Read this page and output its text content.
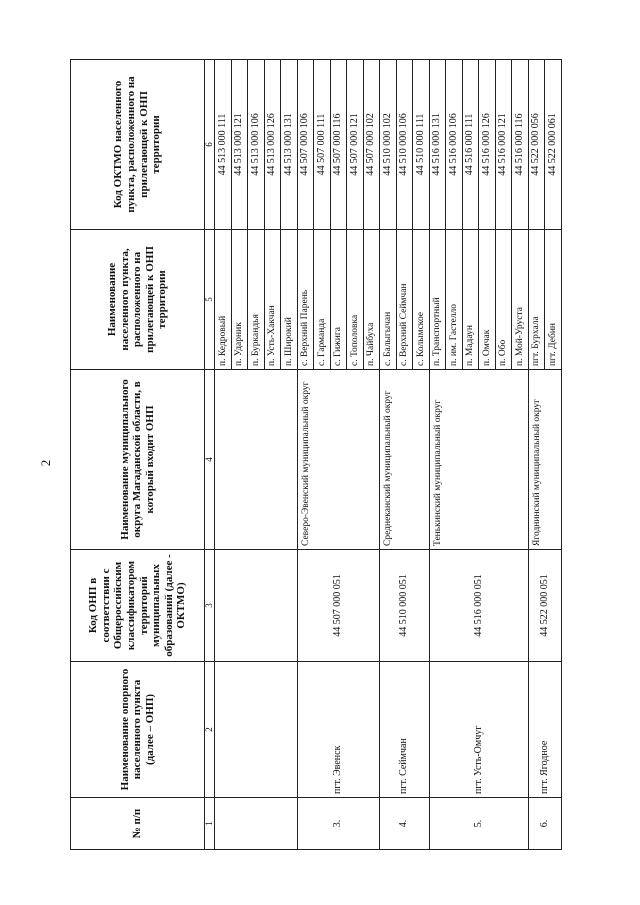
2
№ п/п	Наименование опорного населенного пункта (далее – ОНП)	Код ОНП в соответствии с Общероссийским классификатором территорий муниципальных образований (далее - ОКТМО)	Наименование муниципального округа Магаданской области, в который входит ОНП	Наименование населенного пункта, расположенного на прилегающей к ОНП территории	Код ОКТМО населенного пункта, расположенного на прилегающей к ОНП территории
1	2	3	4	5	6
				п. Кедровый	44 513 000 111
				п. Ударник	44 513 000 121
				п. Буркандья	44 513 000 106
				п. Усть-Хакчан	44 513 000 126
				п. Широкий	44 513 000 131
3.	пгт. Эвенск	44 507 000 051	Северо-Эвенский муниципальный округ	с. Верхний Парень	44 507 000 106
				с. Гарманда	44 507 000 111
				с. Гижига	44 507 000 116
				с. Тополовка	44 507 000 121
				п. Чайбуха	44 507 000 102
4.	пгт. Сеймчан	44 510 000 051	Среднеканский муниципальный округ	с. Балыгычан	44 510 000 102
				с. Верхний Сеймчан	44 510 000 106
				с. Колымское	44 510 000 111
5.	пгт. Усть-Омчуг	44 516 000 051	Тенькинский муниципальный округ	п. Транспортный	44 516 000 131
				п. им. Гастелло	44 516 000 106
				п. Мадаун	44 516 000 111
				п. Омчак	44 516 000 126
				п. Обо	44 516 000 121
				п. Мой-Уруста	44 516 000 116
6.	пгт. Ягодное	44 522 000 051	Ягоднинский муниципальный округ	пгт. Бурхала	44 522 000 056
				пгт. Дебин	44 522 000 061
